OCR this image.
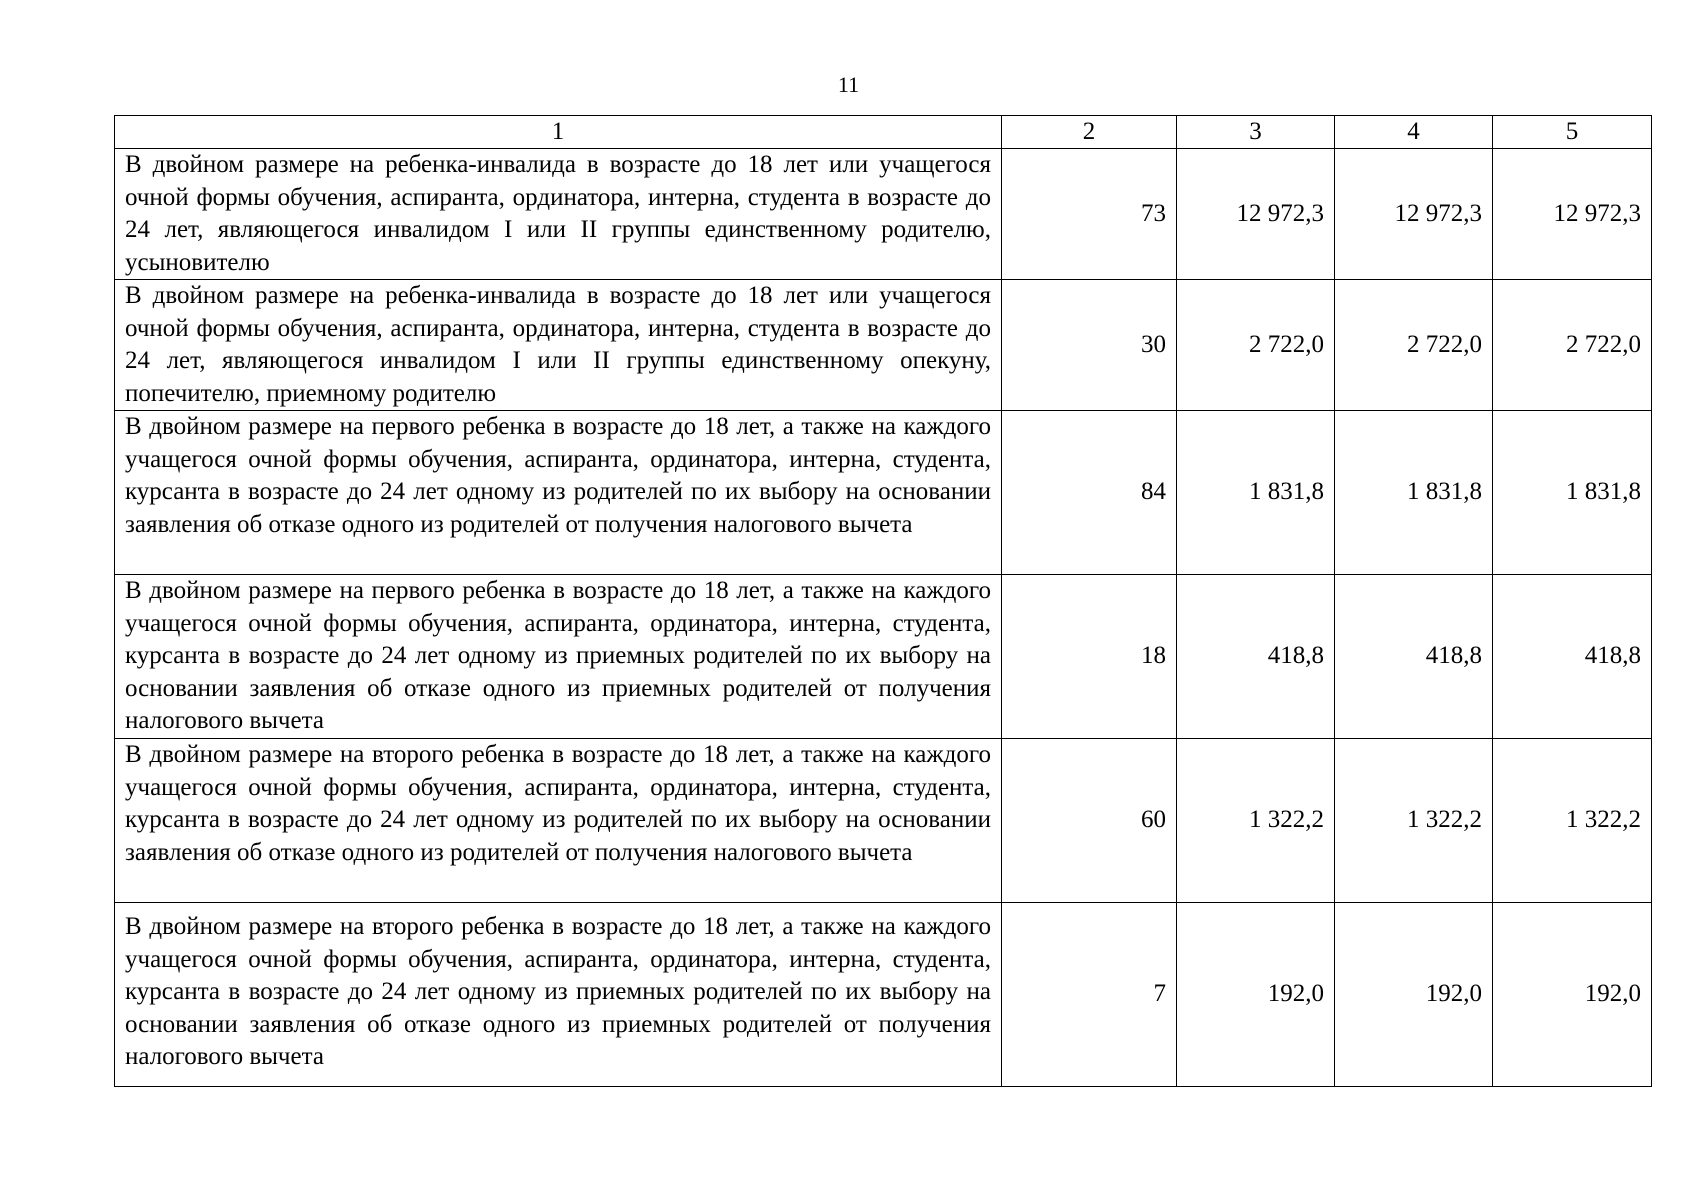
11
1	2	3	4	5
В двойном размере на ребенка-инвалида в возрасте до 18 лет или учащегося очной формы обучения, аспиранта, ординатора, интерна, студента в возрасте до 24 лет, являющегося инвалидом I или II группы единственному родителю, усыновителю	73	12 972,3	12 972,3	12 972,3
В двойном размере на ребенка-инвалида в возрасте до 18 лет или учащегося очной формы обучения, аспиранта, ординатора, интерна, студента в возрасте до 24 лет, являющегося инвалидом I или II группы единственному опекуну, попечителю, приемному родителю	30	2 722,0	2 722,0	2 722,0
В двойном размере на первого ребенка в возрасте до 18 лет, а также на каждого учащегося очной формы обучения, аспиранта, ординатора, интерна, студента, курсанта в возрасте до 24 лет одному из родителей по их выбору на основании заявления об отказе одного из родителей от получения налогового вычета	84	1 831,8	1 831,8	1 831,8
В двойном размере на первого ребенка в возрасте до 18 лет, а также на каждого учащегося очной формы обучения, аспиранта, ординатора, интерна, студента, курсанта в возрасте до 24 лет одному из приемных родителей по их выбору на основании заявления об отказе одного из приемных родителей от получения налогового вычета	18	418,8	418,8	418,8
В двойном размере на второго ребенка в возрасте до 18 лет, а также на каждого учащегося очной формы обучения, аспиранта, ординатора, интерна, студента, курсанта в возрасте до 24 лет одному из родителей по их выбору на основании заявления об отказе одного из родителей от получения налогового вычета	60	1 322,2	1 322,2	1 322,2
В двойном размере на второго ребенка в возрасте до 18 лет, а также на каждого учащегося очной формы обучения, аспиранта, ординатора, интерна, студента, курсанта в возрасте до 24 лет одному из приемных родителей по их выбору на основании заявления об отказе одного из приемных родителей от получения налогового вычета	7	192,0	192,0	192,0
